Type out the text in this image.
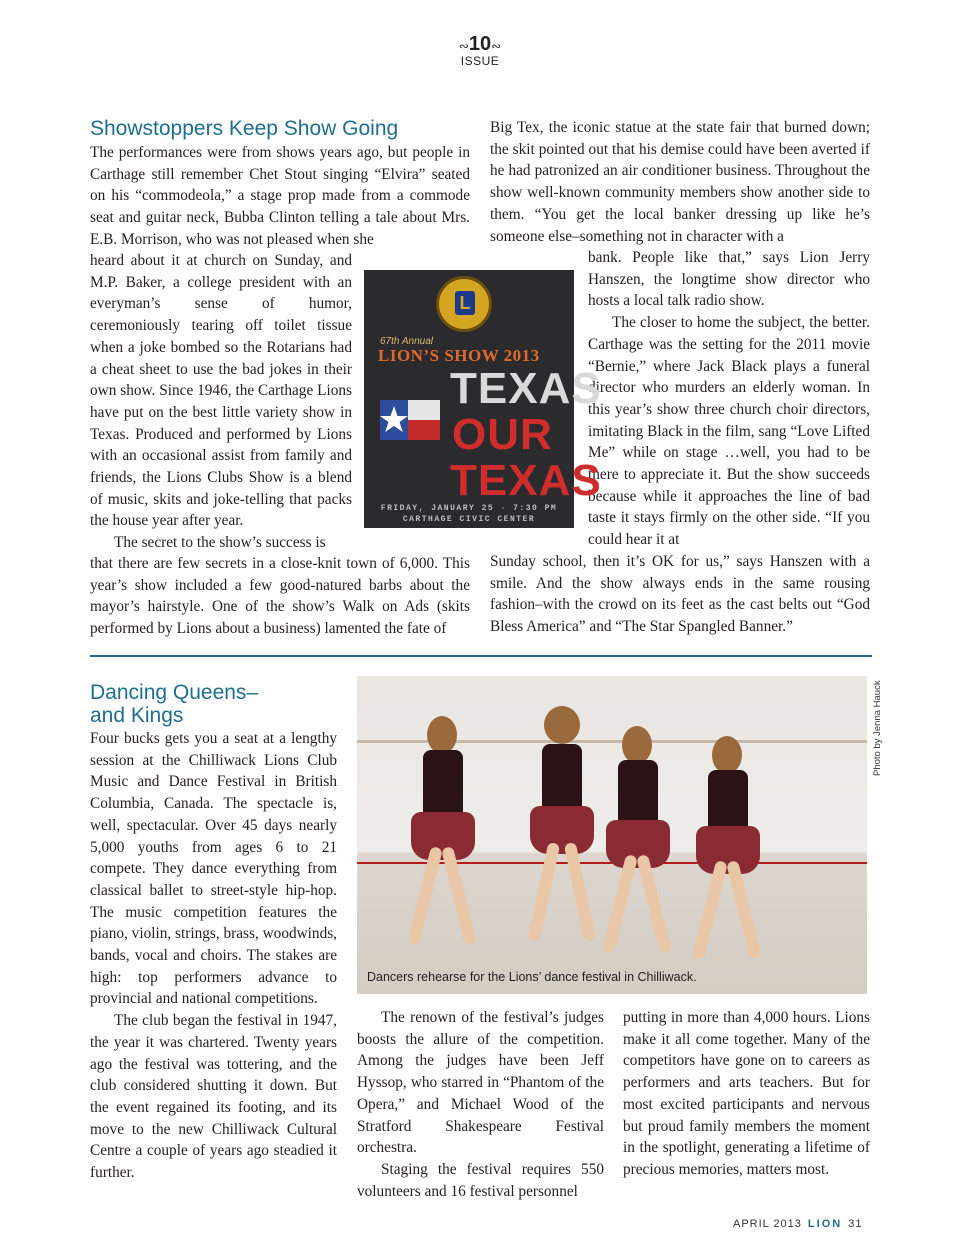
∾10∾
ISSUE
Showstoppers Keep Show Going

The performances were from shows years ago, but people in Carthage still remember Chet Stout singing “Elvira” seated on his “commodeola,” a stage prop made from a commode seat and guitar neck, Bubba Clinton telling a tale about Mrs. E.B. Morrison, who was not pleased when she

heard about it at church on Sunday, and M.P. Baker, a college president with an everyman’s sense of humor, ceremoniously tearing off toilet tissue when a joke bombed so the Rotarians had a cheat sheet to use the bad jokes in their own show. Since 1946, the Carthage Lions have put on the best little variety show in Texas. Produced and performed by Lions with an occasional assist from family and friends, the Lions Clubs Show is a blend of music, skits and joke-telling that packs the house year after year.

The secret to the show’s success is

that there are few secrets in a close-knit town of 6,000. This year’s show included a few good-natured barbs about the mayor’s hairstyle. One of the show’s Walk on Ads (skits performed by Lions about a business) lamented the fate of

Big Tex, the iconic statue at the state fair that burned down; the skit pointed out that his demise could have been averted if he had patronized an air conditioner business. Throughout the show well-known community members show another side to them. “You get the local banker dressing up like he’s someone else–something not in character with a

bank. People like that,” says Lion Jerry Hanszen, the longtime show director who hosts a local talk radio show.

The closer to home the subject, the better. Carthage was the setting for the 2011 movie “Bernie,” where Jack Black plays a funeral director who murders an elderly woman. In this year’s show three church choir directors, imitating Black in the film, sang “Love Lifted Me” while on stage …well, you had to be there to appreciate it. But the show succeeds because while it approaches the line of bad taste it stays firmly on the other side. “If you could hear it at

Sunday school, then it’s OK for us,” says Hanszen with a smile. And the show always ends in the same rousing fashion–with the crowd on its feet as the cast belts out “God Bless America” and “The Star Spangled Banner.”

L
67th Annual
LION’S SHOW 2013
TEXAS
OUR
TEXAS
FRIDAY, JANUARY 25 · 7:30 PM
CARTHAGE CIVIC CENTER
Dancing Queens–
and Kings

Four bucks gets you a seat at a lengthy session at the Chilliwack Lions Club Music and Dance Festival in British Columbia, Canada. The spectacle is, well, spectacular. Over 45 days nearly 5,000 youths from ages 6 to 21 compete. They dance everything from classical ballet to street-style hip-hop. The music competition features the piano, violin, strings, brass, woodwinds, bands, vocal and choirs. The stakes are high: top performers advance to provincial and national competitions.

The club began the festival in 1947, the year it was chartered. Twenty years ago the festival was tottering, and the club considered shutting it down. But the event regained its footing, and its move to the new Chilliwack Cultural Centre a couple of years ago steadied it further.

The renown of the festival’s judges boosts the allure of the competition. Among the judges have been Jeff Hyssop, who starred in “Phantom of the Opera,” and Michael Wood of the Stratford Shakespeare Festival orchestra.

Staging the festival requires 550 volunteers and 16 festival personnel

putting in more than 4,000 hours. Lions make it all come together. Many of the competitors have gone on to careers as performers and arts teachers. But for most excited participants and nervous but proud family members the moment in the spotlight, generating a lifetime of precious memories, matters most.

Dancers rehearse for the Lions’ dance festival in Chilliwack.
Photo by Jenna Hauck
APRIL 2013 LION 31
